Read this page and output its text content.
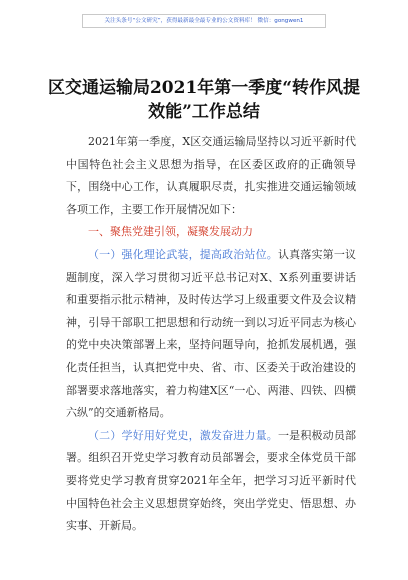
关注头条号“公文研究”，获得最新最全最专业的公文资料库！ 微信：gongwen1
区交通运输局2021年第一季度“转作风提效能”工作总结

2021年第一季度，X区交通运输局坚持以习近平新时代中国特色社会主义思想为指导，在区委区政府的正确领导下，围绕中心工作，认真履职尽责，扎实推进交通运输领域各项工作，主要工作开展情况如下：

一、聚焦党建引领，凝聚发展动力

（一）强化理论武装，提高政治站位。认真落实第一议题制度，深入学习贯彻习近平总书记对X、X系列重要讲话和重要指示批示精神，及时传达学习上级重要文件及会议精神，引导干部职工把思想和行动统一到以习近平同志为核心的党中央决策部署上来，坚持问题导向，抢抓发展机遇，强化责任担当，认真把党中央、省、市、区委关于政治建设的部署要求落地落实，着力构建X区“一心、两港、四铁、四横六纵”的交通新格局。

（二）学好用好党史，激发奋进力量。一是积极动员部署。组织召开党史学习教育动员部署会，要求全体党员干部要将党史学习教育贯穿2021年全年，把学习习近平新时代中国特色社会主义思想贯穿始终，突出学党史、悟思想、办实事、开新局。
